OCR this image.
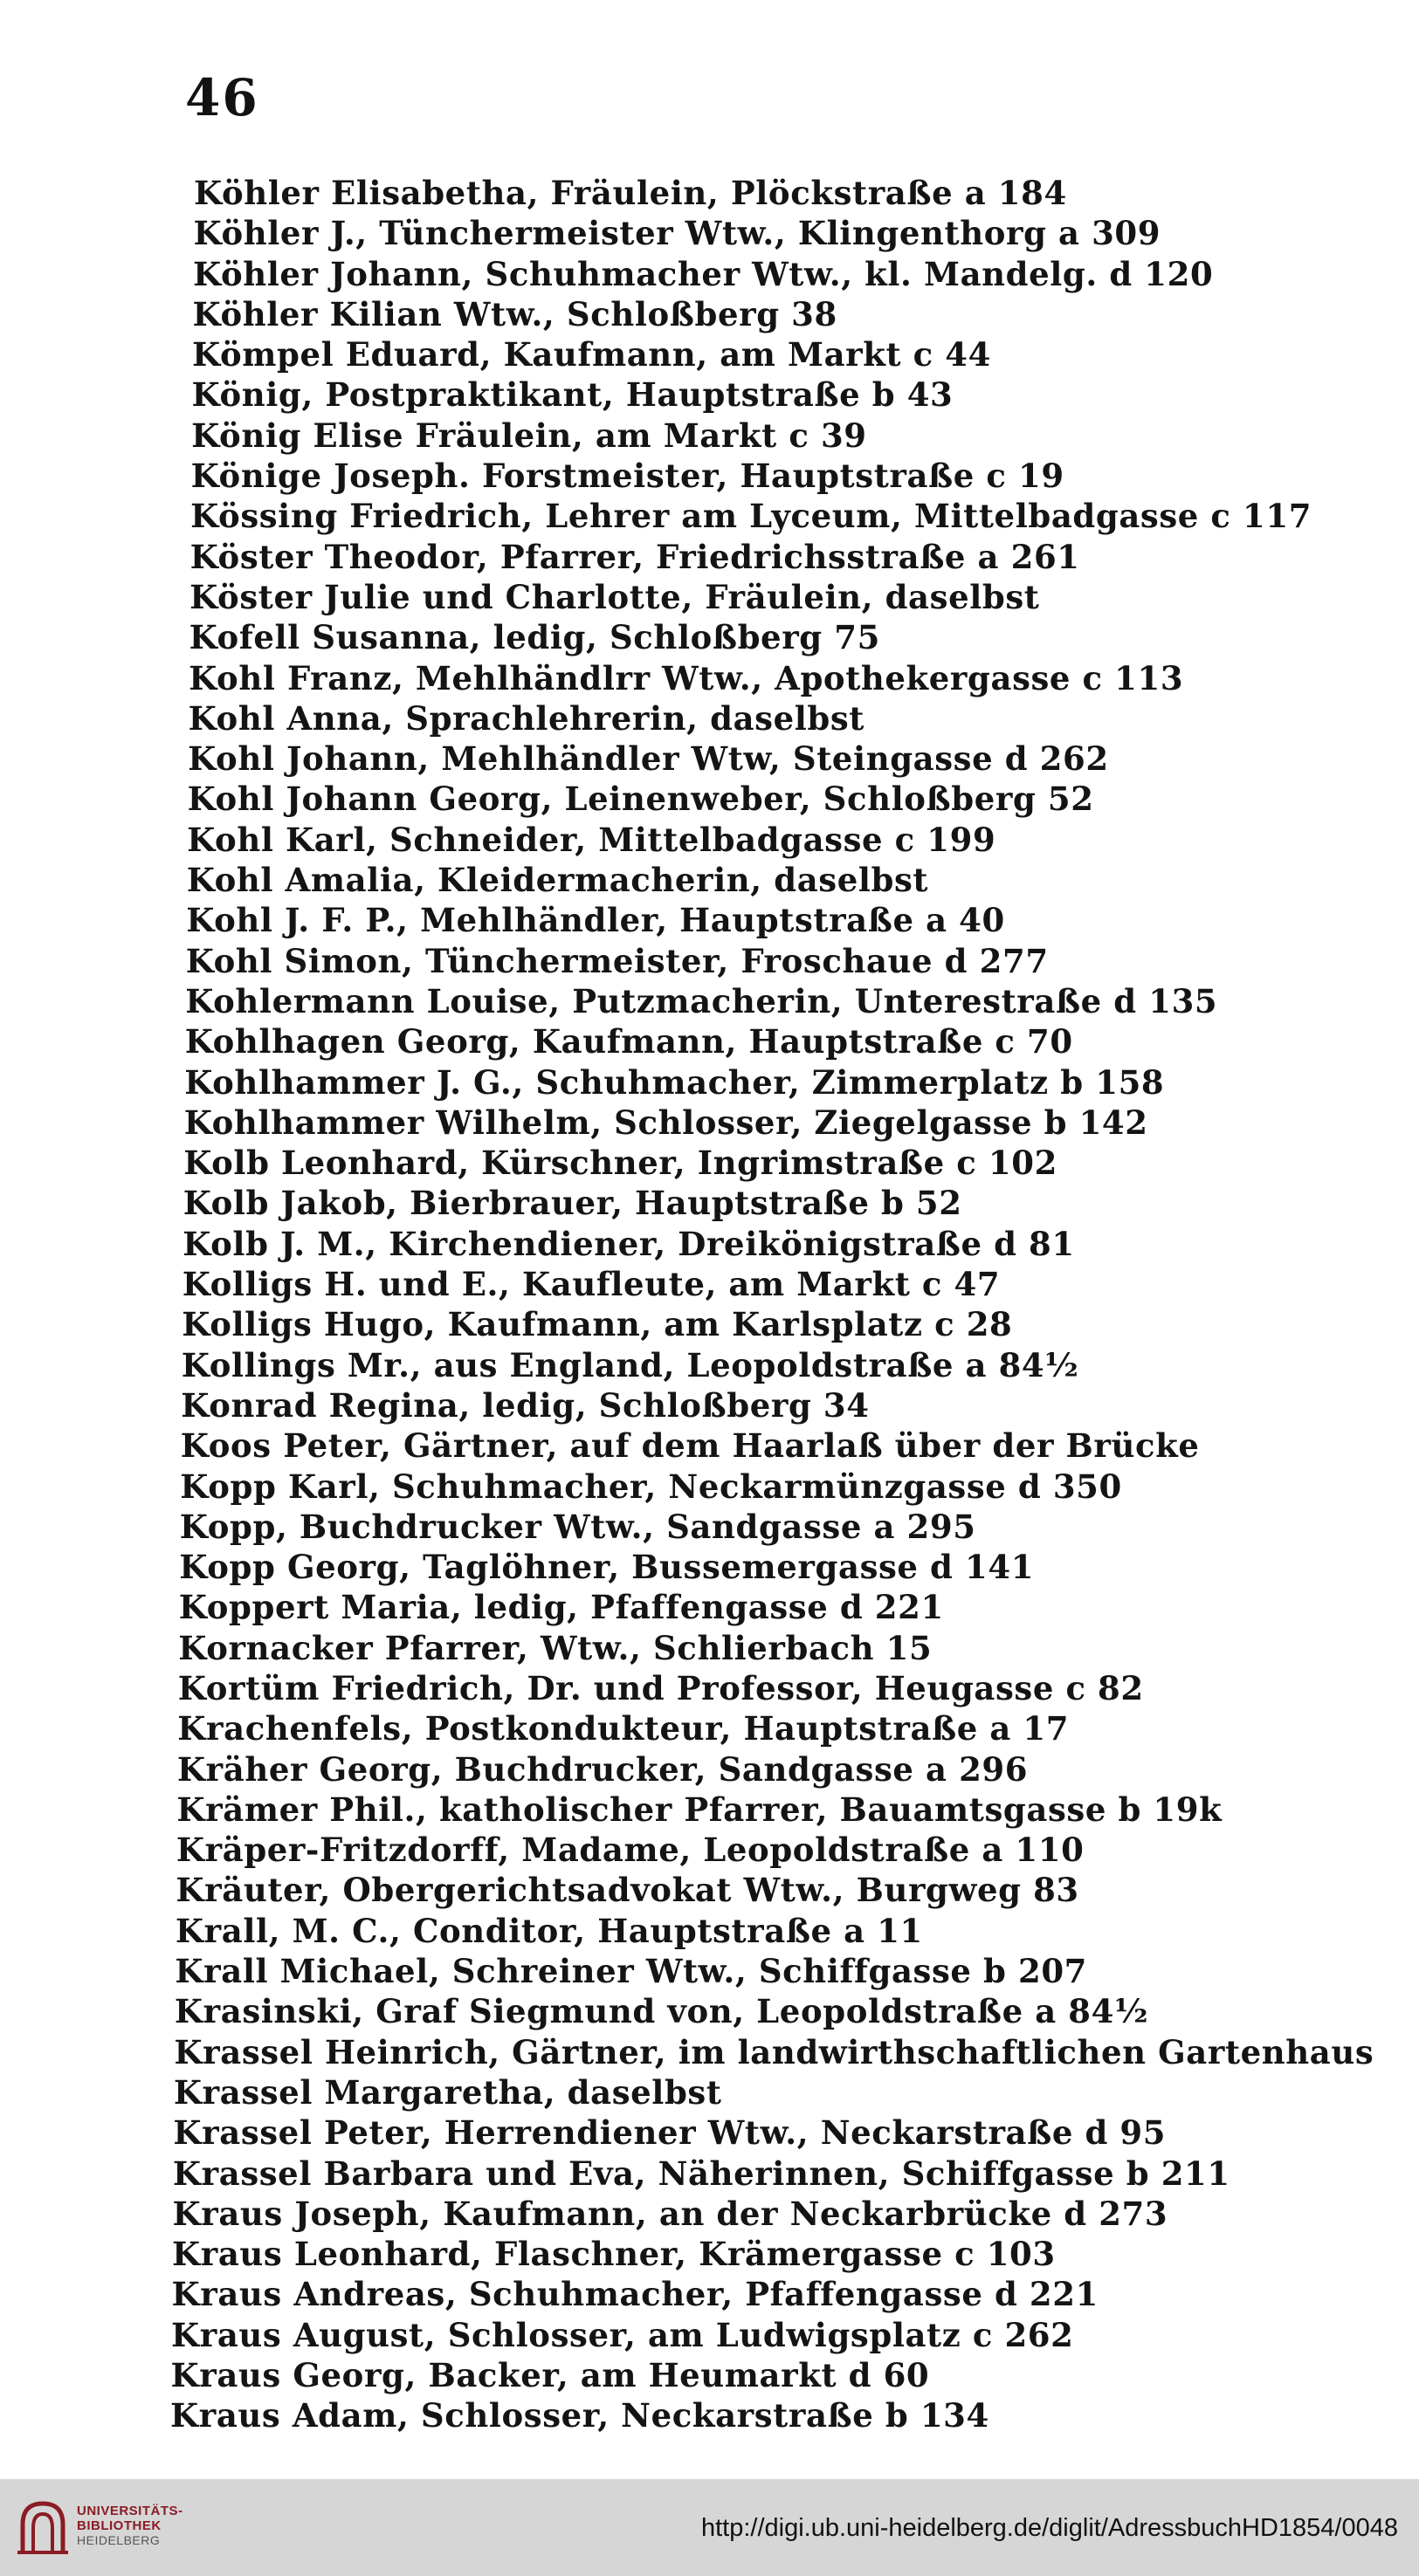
46
Köhler Elisabetha, Fräulein, Plöckstraße a 184
Köhler J., Tünchermeister Wtw., Klingenthorg a 309
Köhler Johann, Schuhmacher Wtw., kl. Mandelg. d 120
Köhler Kilian Wtw., Schloßberg 38
Kömpel Eduard, Kaufmann, am Markt c 44
König, Postpraktikant, Hauptstraße b 43
König Elise Fräulein, am Markt c 39
Könige Joseph. Forstmeister, Hauptstraße c 19
Kössing Friedrich, Lehrer am Lyceum, Mittelbadgasse c 117
Köster Theodor, Pfarrer, Friedrichsstraße a 261
Köster Julie und Charlotte, Fräulein, daselbst
Kofell Susanna, ledig, Schloßberg 75
Kohl Franz, Mehlhändlrr Wtw., Apothekergasse c 113
Kohl Anna, Sprachlehrerin, daselbst
Kohl Johann, Mehlhändler Wtw, Steingasse d 262
Kohl Johann Georg, Leinenweber, Schloßberg 52
Kohl Karl, Schneider, Mittelbadgasse c 199
Kohl Amalia, Kleidermacherin, daselbst
Kohl J. F. P., Mehlhändler, Hauptstraße a 40
Kohl Simon, Tünchermeister, Froschaue d 277
Kohlermann Louise, Putzmacherin, Unterestraße d 135
Kohlhagen Georg, Kaufmann, Hauptstraße c 70
Kohlhammer J. G., Schuhmacher, Zimmerplatz b 158
Kohlhammer Wilhelm, Schlosser, Ziegelgasse b 142
Kolb Leonhard, Kürschner, Ingrimstraße c 102
Kolb Jakob, Bierbrauer, Hauptstraße b 52
Kolb J. M., Kirchendiener, Dreikönigstraße d 81
Kolligs H. und E., Kaufleute, am Markt c 47
Kolligs Hugo, Kaufmann, am Karlsplatz c 28
Kollings Mr., aus England, Leopoldstraße a 84½
Konrad Regina, ledig, Schloßberg 34
Koos Peter, Gärtner, auf dem Haarlaß über der Brücke
Kopp Karl, Schuhmacher, Neckarmünzgasse d 350
Kopp, Buchdrucker Wtw., Sandgasse a 295
Kopp Georg, Taglöhner, Bussemergasse d 141
Koppert Maria, ledig, Pfaffengasse d 221
Kornacker Pfarrer, Wtw., Schlierbach 15
Kortüm Friedrich, Dr. und Professor, Heugasse c 82
Krachenfels, Postkondukteur, Hauptstraße a 17
Kräher Georg, Buchdrucker, Sandgasse a 296
Krämer Phil., katholischer Pfarrer, Bauamtsgasse b 19k
Kräper-Fritzdorff, Madame, Leopoldstraße a 110
Kräuter, Obergerichtsadvokat Wtw., Burgweg 83
Krall, M. C., Conditor, Hauptstraße a 11
Krall Michael, Schreiner Wtw., Schiffgasse b 207
Krasinski, Graf Siegmund von, Leopoldstraße a 84½
Krassel Heinrich, Gärtner, im landwirthschaftlichen Gartenhaus
Krassel Margaretha, daselbst
Krassel Peter, Herrendiener Wtw., Neckarstraße d 95
Krassel Barbara und Eva, Näherinnen, Schiffgasse b 211
Kraus Joseph, Kaufmann, an der Neckarbrücke d 273
Kraus Leonhard, Flaschner, Krämergasse c 103
Kraus Andreas, Schuhmacher, Pfaffengasse d 221
Kraus August, Schlosser, am Ludwigsplatz c 262
Kraus Georg, Backer, am Heumarkt d 60
Kraus Adam, Schlosser, Neckarstraße b 134
UNIVERSITÄTS-
BIBLIOTHEK
HEIDELBERG	http://digi.ub.uni-heidelberg.de/diglit/AdressbuchHD1854/0048
